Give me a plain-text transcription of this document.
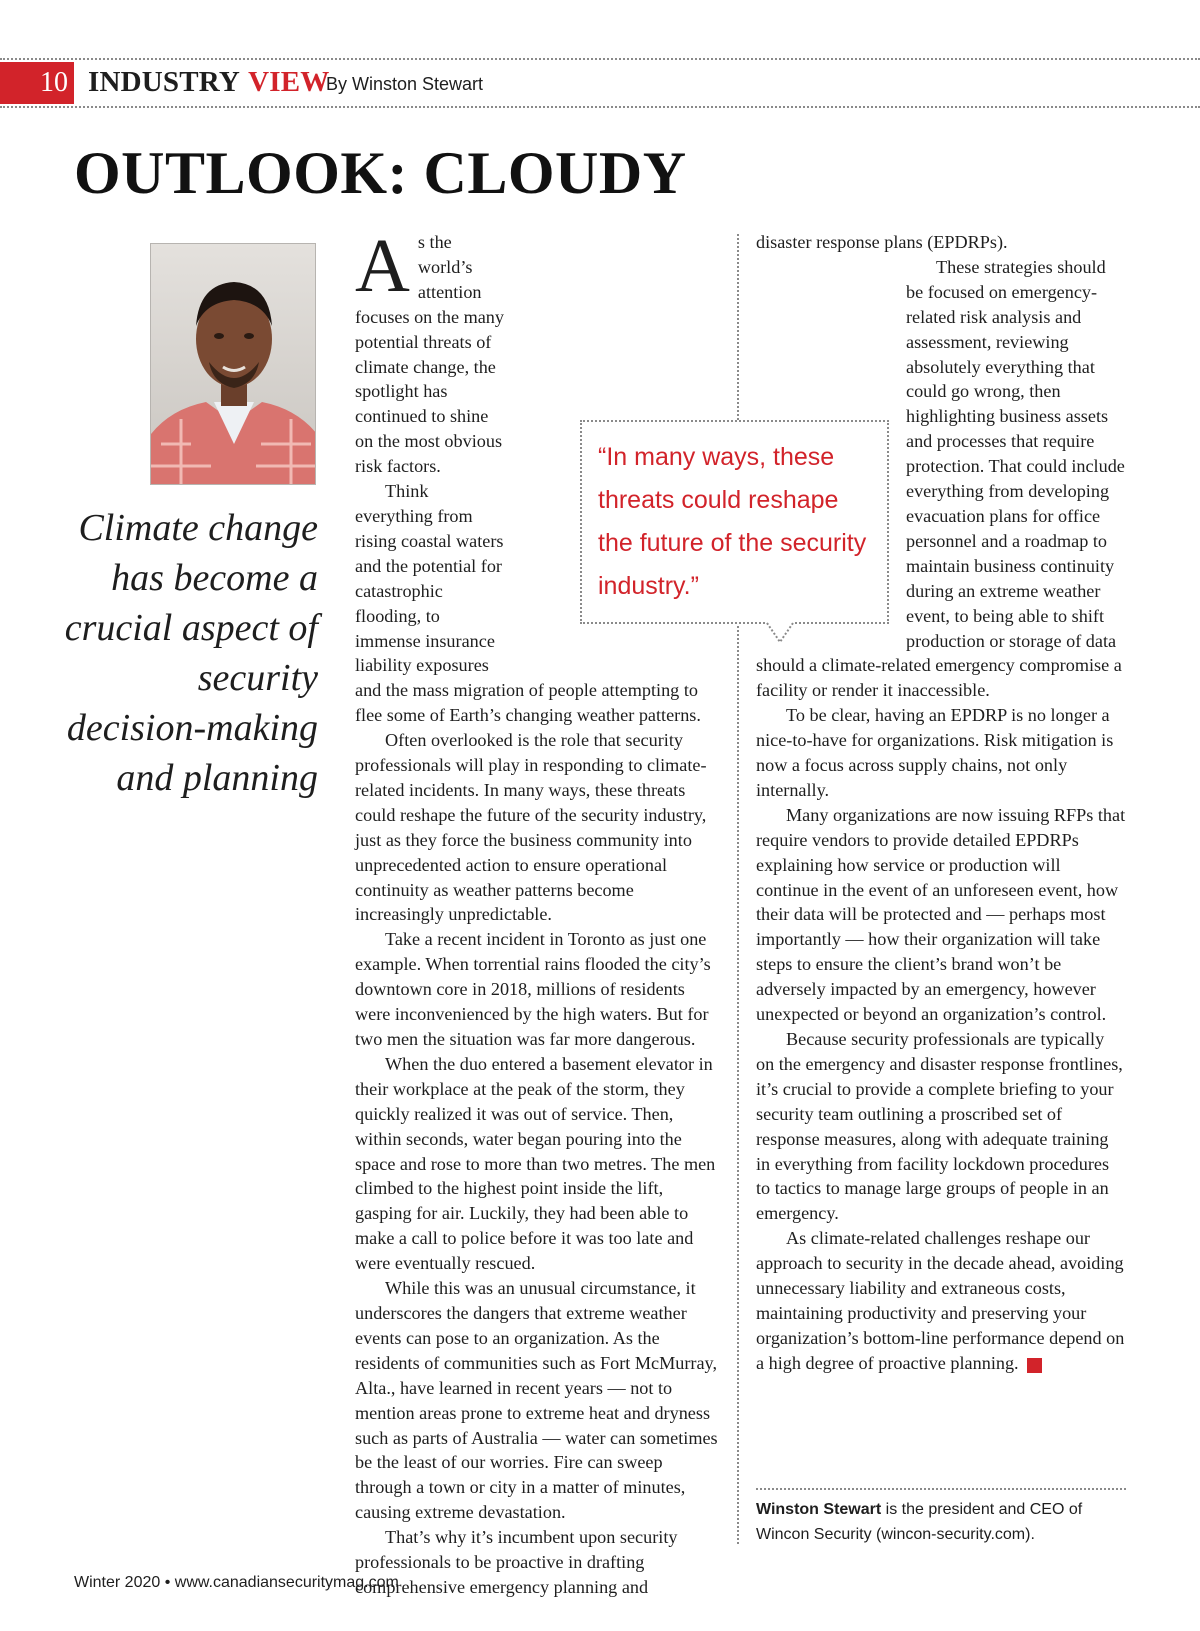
10 INDUSTRY VIEW
By Winston Stewart
OUTLOOK: CLOUDY
Climate change has become a crucial aspect of security decision-making and planning

As the world’s attention focuses on the many potential threats of climate change, the spotlight has continued to shine on the most obvious risk factors.

Think everything from rising coastal waters and the potential for catastrophic flooding, to immense insurance liability exposures and the mass migration of people attempting to flee some of Earth’s changing weather patterns.

Often overlooked is the role that security professionals will play in responding to climate-related incidents. In many ways, these threats could reshape the future of the security industry, just as they force the business community into unprecedented action to ensure operational continuity as weather patterns become increasingly unpredictable.

Take a recent incident in Toronto as just one example. When torrential rains flooded the city’s downtown core in 2018, millions of residents were inconvenienced by the high waters. But for two men the situation was far more dangerous.

When the duo entered a basement elevator in their workplace at the peak of the storm, they quickly realized it was out of service. Then, within seconds, water began pouring into the space and rose to more than two metres. The men climbed to the highest point inside the lift, gasping for air. Luckily, they had been able to make a call to police before it was too late and were eventually rescued.

While this was an unusual circumstance, it underscores the dangers that extreme weather events can pose to an organization. As the residents of communities such as Fort McMurray, Alta., have learned in recent years — not to mention areas prone to extreme heat and dryness such as parts of Australia — water can sometimes be the least of our worries. Fire can sweep through a town or city in a matter of minutes, causing extreme devastation.

That’s why it’s incumbent upon security professionals to be proactive in drafting comprehensive emergency planning and

disaster response plans (EPDRPs).

These strategies should be focused on emergency-related risk analysis and assessment, reviewing absolutely everything that could go wrong, then highlighting business assets and processes that require protection. That could include everything from developing evacuation plans for office personnel and a roadmap to maintain business continuity during an extreme weather event, to being able to shift production or storage of data should a climate-related emergency compromise a facility or render it inaccessible.

To be clear, having an EPDRP is no longer a nice-to-have for organizations. Risk mitigation is now a focus across supply chains, not only internally.

Many organizations are now issuing RFPs that require vendors to provide detailed EPDRPs explaining how service or production will continue in the event of an unforeseen event, how their data will be protected and — perhaps most importantly — how their organization will take steps to ensure the client’s brand won’t be adversely impacted by an emergency, however unexpected or beyond an organization’s control.

Because security professionals are typically on the emergency and disaster response frontlines, it’s crucial to provide a complete briefing to your security team outlining a proscribed set of response measures, along with adequate training in everything from facility lockdown procedures to tactics to manage large groups of people in an emergency.

As climate-related challenges reshape our approach to security in the decade ahead, avoiding unnecessary liability and extraneous costs, maintaining productivity and preserving your organization’s bottom-line performance depend on a high degree of proactive planning.	CS

“In many ways, these threats could reshape the future of the security industry.”
Winston Stewart is the president and CEO of Wincon Security (wincon-security.com).
Winter 2020 • www.canadiansecuritymag.com
